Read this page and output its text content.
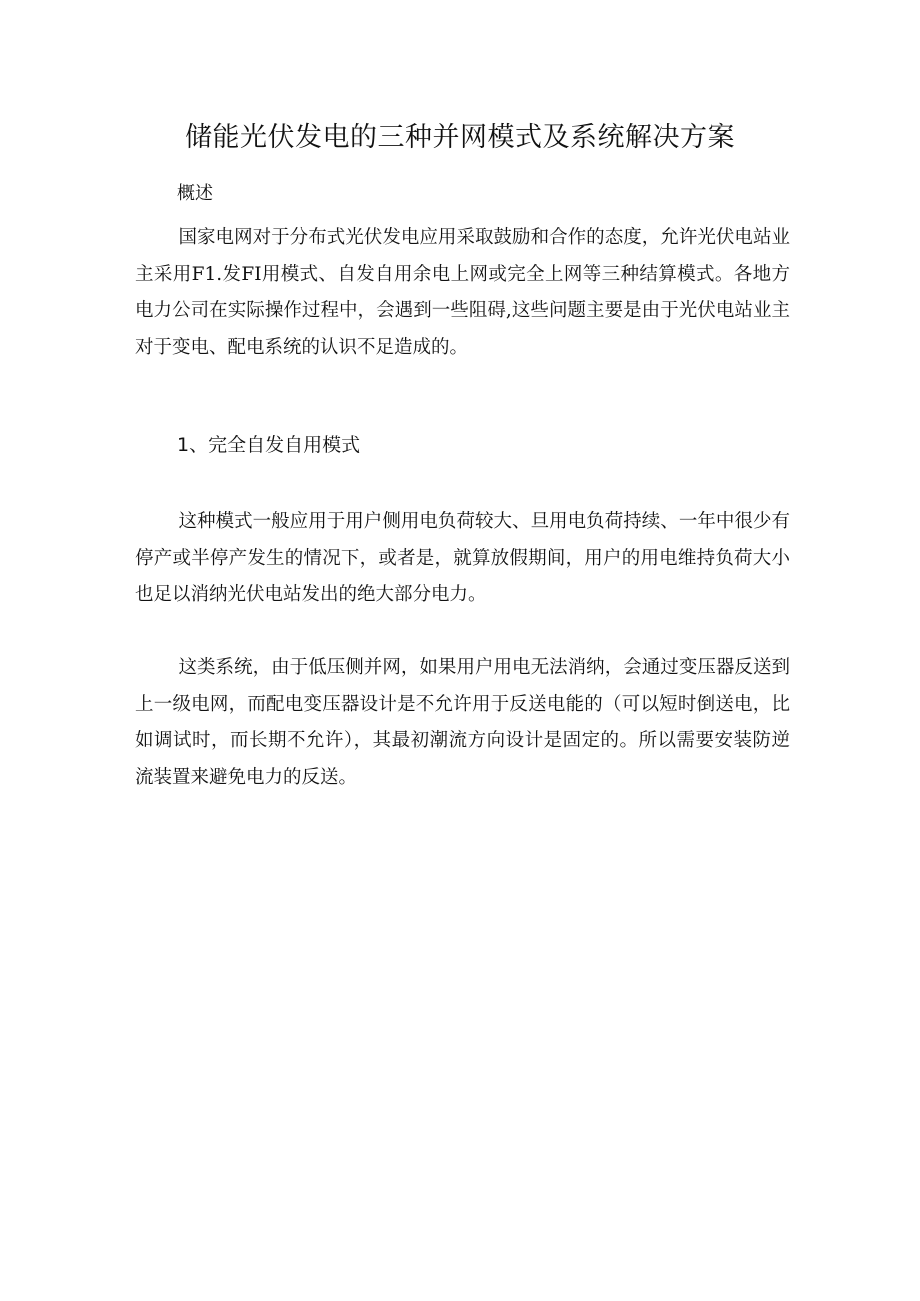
储能光伏发电的三种并网模式及系统解决方案
概述

国家电网对于分布式光伏发电应用采取鼓励和合作的态度，允许光伏电站业主采用F1.发FI用模式、自发自用余电上网或完全上网等三种结算模式。各地方电力公司在实际操作过程中，会遇到一些阻碍,这些问题主要是由于光伏电站业主对于变电、配电系统的认识不足造成的。

1、完全自发自用模式

这种模式一般应用于用户侧用电负荷较大、旦用电负荷持续、一年中很少有停产或半停产发生的情况下，或者是，就算放假期间，用户的用电维持负荷大小也足以消纳光伏电站发出的绝大部分电力。

这类系统，由于低压侧并网，如果用户用电无法消纳，会通过变压器反送到上一级电网，而配电变压器设计是不允许用于反送电能的（可以短时倒送电，比如调试时，而长期不允许），其最初潮流方向设计是固定的。所以需要安装防逆流装置来避免电力的反送。
